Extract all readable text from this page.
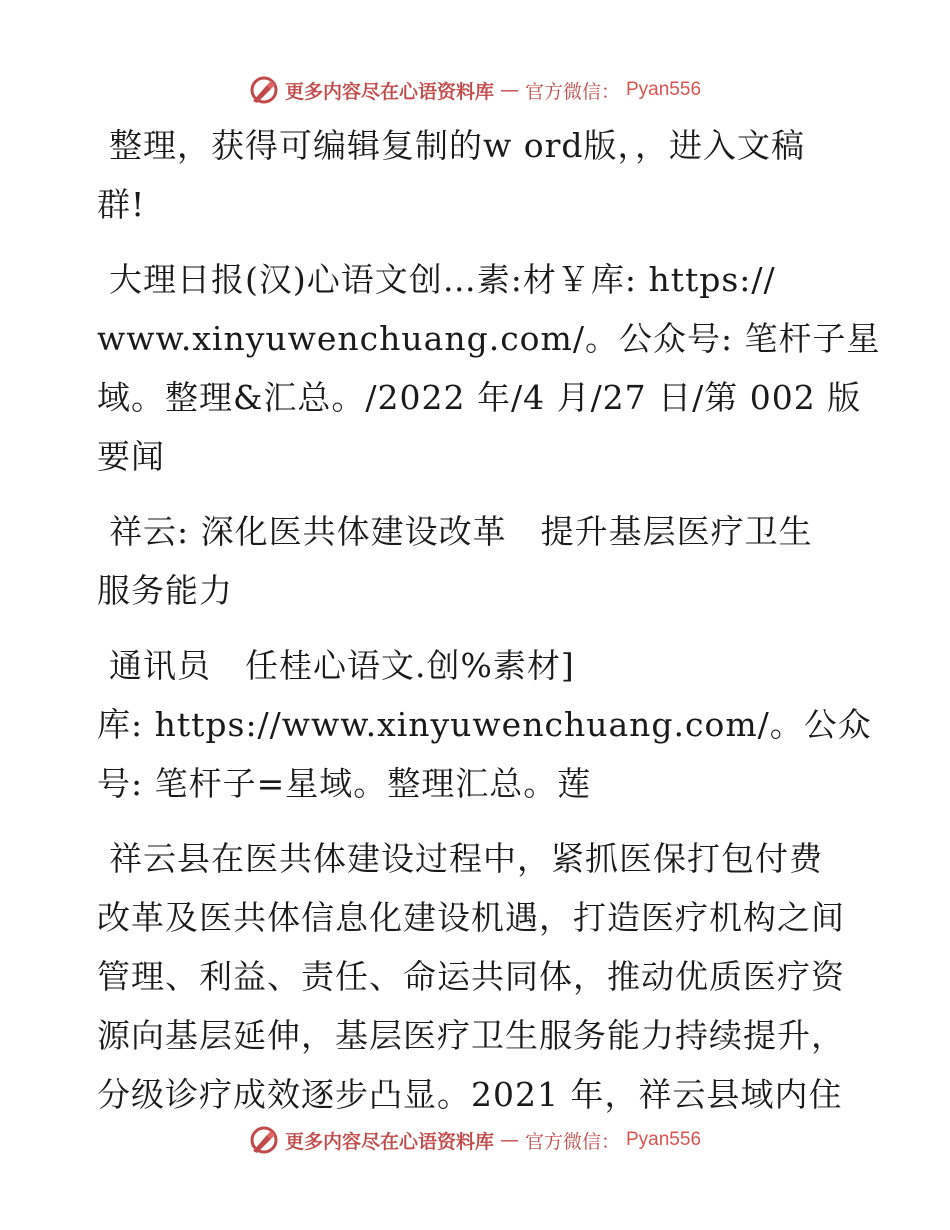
更多内容尽在心语资料库 — 官方微信： Pyan556

整理，获得可编辑复制的w ord版，，进入文稿
群!

大理日报(汉)心语文创…素:材￥库: https://
www.xinyuwenchuang.com/。公众号: 笔杆子星
域。整理&汇总。/2022 年/4 月/27 日/第 002 版
要闻

祥云: 深化医共体建设改革　提升基层医疗卫生
服务能力

通讯员　任桂心语文.创%素材]
库: https://www.xinyuwenchuang.com/。公众
号: 笔杆子=星域。整理汇总。莲

祥云县在医共体建设过程中，紧抓医保打包付费
改革及医共体信息化建设机遇，打造医疗机构之间
管理、利益、责任、命运共同体，推动优质医疗资
源向基层延伸，基层医疗卫生服务能力持续提升，
分级诊疗成效逐步凸显。2021 年，祥云县域内住

更多内容尽在心语资料库 — 官方微信： Pyan556
